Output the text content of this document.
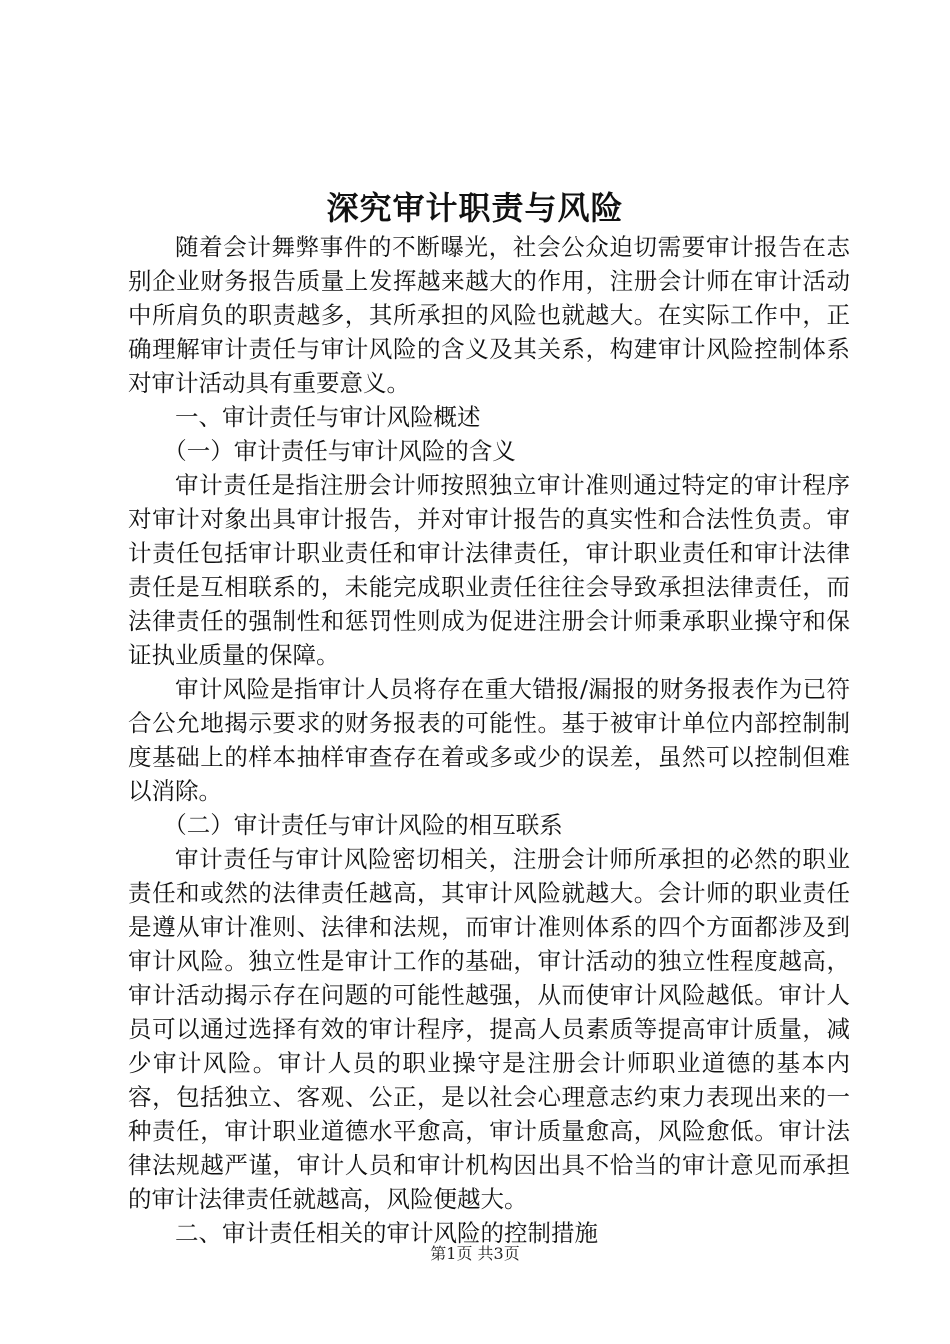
深究审计职责与风险

随着会计舞弊事件的不断曝光，社会公众迫切需要审计报告在志别企业财务报告质量上发挥越来越大的作用，注册会计师在审计活动中所肩负的职责越多，其所承担的风险也就越大。在实际工作中，正确理解审计责任与审计风险的含义及其关系，构建审计风险控制体系对审计活动具有重要意义。

一、审计责任与审计风险概述

（一）审计责任与审计风险的含义

审计责任是指注册会计师按照独立审计准则通过特定的审计程序对审计对象出具审计报告，并对审计报告的真实性和合法性负责。审计责任包括审计职业责任和审计法律责任，审计职业责任和审计法律责任是互相联系的，未能完成职业责任往往会导致承担法律责任，而法律责任的强制性和惩罚性则成为促进注册会计师秉承职业操守和保证执业质量的保障。

审计风险是指审计人员将存在重大错报/漏报的财务报表作为已符合公允地揭示要求的财务报表的可能性。基于被审计单位内部控制制度基础上的样本抽样审查存在着或多或少的误差，虽然可以控制但难以消除。

（二）审计责任与审计风险的相互联系

审计责任与审计风险密切相关，注册会计师所承担的必然的职业责任和或然的法律责任越高，其审计风险就越大。会计师的职业责任是遵从审计准则、法律和法规，而审计准则体系的四个方面都涉及到审计风险。独立性是审计工作的基础，审计活动的独立性程度越高，审计活动揭示存在问题的可能性越强，从而使审计风险越低。审计人员可以通过选择有效的审计程序，提高人员素质等提高审计质量，减少审计风险。审计人员的职业操守是注册会计师职业道德的基本内容，包括独立、客观、公正，是以社会心理意志约束力表现出来的一种责任，审计职业道德水平愈高，审计质量愈高，风险愈低。审计法律法规越严谨，审计人员和审计机构因出具不恰当的审计意见而承担的审计法律责任就越高，风险便越大。

二、审计责任相关的审计风险的控制措施

第1页 共3页
